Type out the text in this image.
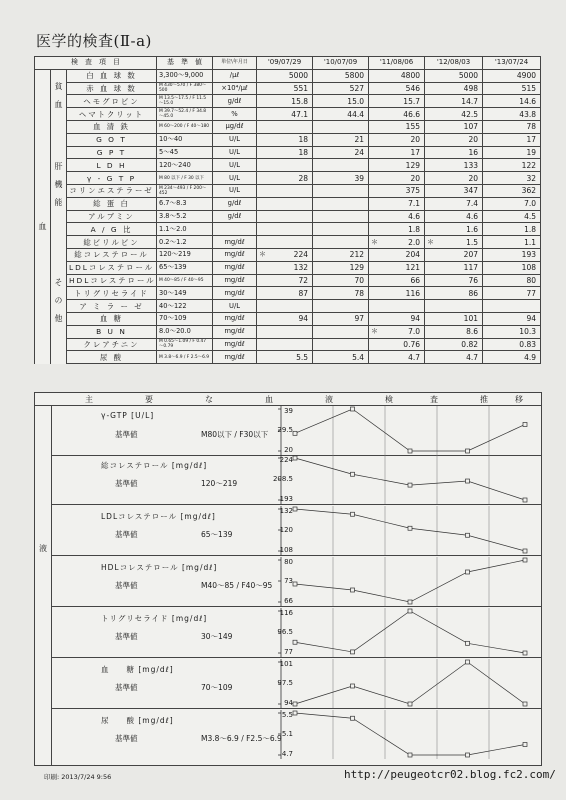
医学的検査(Ⅱ-a)
検　査　項　目			基　準　値	単位\年月日	'09/07/29	'10/07/09	'11/08/06	'12/08/03	'13/07/24
	貧血	白 血 球 数	3,300～9,000	/μℓ	5000	5800	4800	5000	4900
		赤 血 球 数	M 430～570 / F 380～500	×10⁴/μℓ	551	527	546	498	515
		ヘモグロビン	M 13.5～17.5 / F 11.5～15.0	g/dℓ	15.8	15.0	15.7	14.7	14.6
		ヘマトクリット	M 39.7～52.4 / F 34.8～45.0	%	47.1	44.4	46.6	42.5	43.8
		血 清 鉄	M 60～200 / F 40～180	μg/dℓ			155	107	78

血	肝機能	G O T	10～40	U/L	18	21	20	20	17
		G P T	5～45	U/L	18	24	17	16	19
		L D H	120～240	U/L			129	133	122
		γ - G T P	M 80 以下 / F 30 以下	U/L	28	39	20	20	32
		コリンエステラーゼ	M 234～493 / F 200～452	U/L			375	347	362
		総 蛋 白	6.7～8.3	g/dℓ			7.1	7.4	7.0
		アルブミン	3.8～5.2	g/dℓ			4.6	4.6	4.5
		A / G 比	1.1～2.0				1.8	1.6	1.8
		総ビリルビン	0.2～1.2	mg/dℓ			＊ 2.0	＊ 1.5	1.1
	その他	総コレステロール	120～219	mg/dℓ	＊ 224	212	204	207	193
		LDLコレステロール	65～139	mg/dℓ	132	129	121	117	108
		HDLコレステロール	M 40～85 / F 40～95	mg/dℓ	72	70	66	76	80
		トリグリセライド	30～149	mg/dℓ	87	78	116	86	77
		ア ミ ラ ー ゼ	40～122	U/L					
		血 糖	70～109	mg/dℓ	94	97	94	101	94
		B U N	8.0～20.0	mg/dℓ			＊ 7.0	8.6	10.3
		クレアチニン	M 0.65～1.09 / F 0.47～0.79	mg/dℓ			0.76	0.82	0.83
		尿 酸	M 3.8～6.9 / F 2.5～6.9	mg/dℓ	5.5	5.4	4.7	4.7	4.9
主	要	な	血	液	検	査	推	移
液
γ-GTP [U/L]
基準値	M80以下 / F30以下
39
29.5
20
総コレステロール [mg/dℓ]
基準値	120～219
224
208.5
193
LDLコレステロール [mg/dℓ]
基準値	65～139
132
120
108
HDLコレステロール [mg/dℓ]
基準値	M40～85 / F40～95
80
73
66
トリグリセライド [mg/dℓ]
基準値	30～149
116
96.5
77
血　　糖 [mg/dℓ]
基準値	70～109
101
97.5
94
尿　　酸 [mg/dℓ]
基準値	M3.8～6.9 / F2.5～6.9
5.5
5.1
4.7
印刷: 2013/7/24 9:56	http://peugeotcr02.blog.fc2.com/
